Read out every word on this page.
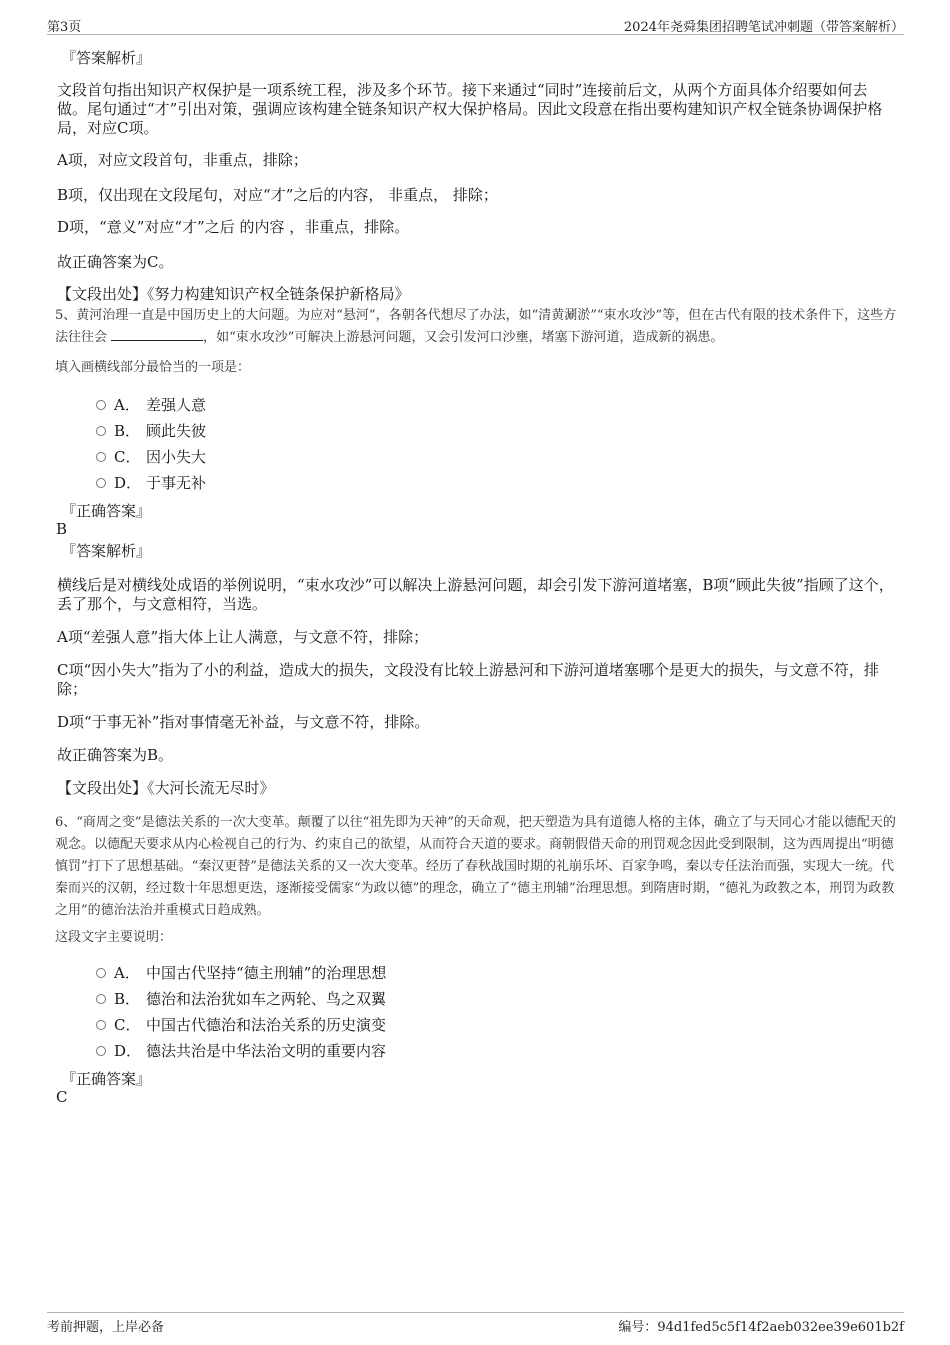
第3页	2024年尧舜集团招聘笔试冲刺题（带答案解析）
『答案解析』
文段首句指出知识产权保护是一项系统工程，涉及多个环节。接下来通过“同时”连接前后文，从两个方面具体介绍要如何去做。尾句通过“才”引出对策，强调应该构建全链条知识产权大保护格局。因此文段意在指出要构建知识产权全链条协调保护格局，对应C项。
A项，对应文段首句，非重点，排除；
B项，仅出现在文段尾句，对应“才”之后的内容， 非重点， 排除；
D项，“意义”对应“才”之后 的内容 ，非重点，排除。
故正确答案为C。
【文段出处】《努力构建知识产权全链条保护新格局》
5、黄河治理一直是中国历史上的大问题。为应对“悬河”，各朝各代想尽了办法，如“清黄涮淤”“束水攻沙”等，但在古代有限的技术条件下，这些方法往往会	，如“束水攻沙”可解决上游悬河问题，又会引发河口沙壅，堵塞下游河道，造成新的祸患。
填入画横线部分最恰当的一项是：
A． 差强人意
B． 顾此失彼
C． 因小失大
D． 于事无补
『正确答案』
B
『答案解析』
横线后是对横线处成语的举例说明，“束水攻沙”可以解决上游悬河问题，却会引发下游河道堵塞，B项“顾此失彼”指顾了这个，丢了那个，与文意相符，当选。
A项“差强人意”指大体上让人满意，与文意不符，排除；
C项“因小失大”指为了小的利益，造成大的损失，文段没有比较上游悬河和下游河道堵塞哪个是更大的损失，与文意不符，排除；
D项“于事无补”指对事情毫无补益，与文意不符，排除。
故正确答案为B。
【文段出处】《大河长流无尽时》
6、“商周之变”是德法关系的一次大变革。颠覆了以往“祖先即为天神”的天命观，把天塑造为具有道德人格的主体，确立了与天同心才能以德配天的观念。以德配天要求从内心检视自己的行为、约束自己的欲望，从而符合天道的要求。商朝假借天命的刑罚观念因此受到限制，这为西周提出“明德慎罚”打下了思想基础。“秦汉更替”是德法关系的又一次大变革。经历了春秋战国时期的礼崩乐坏、百家争鸣，秦以专任法治而强，实现大一统。代秦而兴的汉朝，经过数十年思想更迭，逐渐接受儒家“为政以德”的理念，确立了“德主刑辅”治理思想。到隋唐时期，“德礼为政教之本，刑罚为政教之用”的德治法治并重模式日趋成熟。
这段文字主要说明：
A． 中国古代坚持“德主刑辅”的治理思想
B． 德治和法治犹如车之两轮、鸟之双翼
C． 中国古代德治和法治关系的历史演变
D． 德法共治是中华法治文明的重要内容
『正确答案』
C
考前押题，上岸必备	编号：94d1fed5c5f14f2aeb032ee39e601b2f
